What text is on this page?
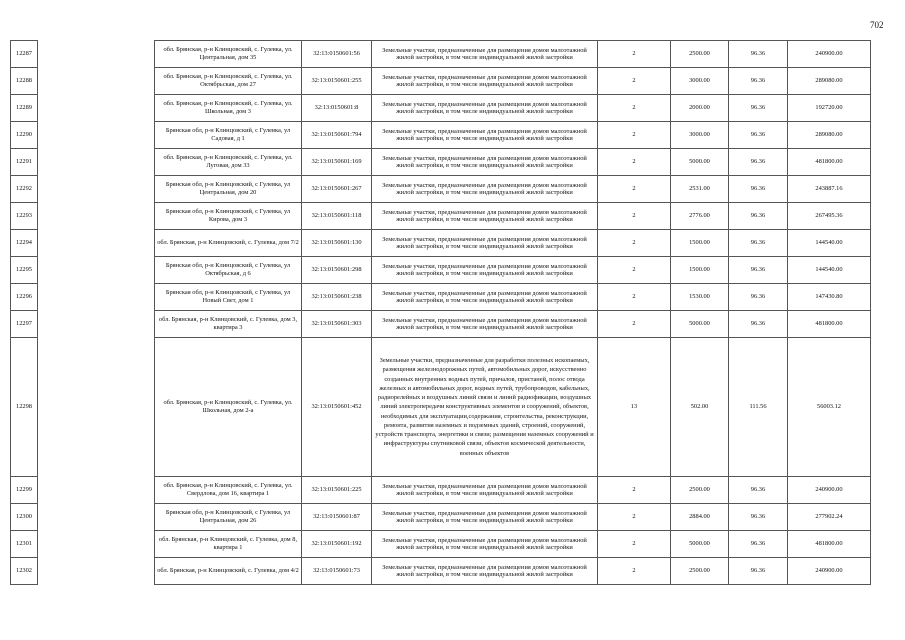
702
12287		обл. Брянская, р-н Клинцовский, с. Гулевка, ул. Центральная, дом 35	32:13:0150601:56	Земельные участки, предназначенные для размещения домов малоэтажной жилой застройки, в том числе индивидуальной жилой застройки	2	2500.00	96.36	240900.00
12288		обл. Брянская, р-н Клинцовский, с. Гулевка, ул. Октябрьская, дом 27	32:13:0150601:255	Земельные участки, предназначенные для размещения домов малоэтажной жилой застройки, в том числе индивидуальной жилой застройки	2	3000.00	96.36	289080.00
12289		обл. Брянская, р-н Клинцовский, с. Гулевка, ул. Школьная, дом 3	32:13:0150601:8	Земельные участки, предназначенные для размещения домов малоэтажной жилой застройки, в том числе индивидуальной жилой застройки	2	2000.00	96.36	192720.00
12290		Брянская обл, р-н Клинцовский, с Гулевка, ул Садовая, д 1	32:13:0150601:794	Земельные участки, предназначенные для размещения домов малоэтажной жилой застройки, в том числе индивидуальной жилой застройки	2	3000.00	96.36	289080.00
12291		обл. Брянская, р-н Клинцовский, с. Гулевка, ул. Луговая, дом 33	32:13:0150601:169	Земельные участки, предназначенные для размещения домов малоэтажной жилой застройки, в том числе индивидуальной жилой застройки	2	5000.00	96.36	481800.00
12292		Брянская обл, р-н Клинцовский, с Гулевка, ул Центральная, дом 20	32:13:0150601:267	Земельные участки, предназначенные для размещения домов малоэтажной жилой застройки, в том числе индивидуальной жилой застройки	2	2531.00	96.36	243887.16
12293		Брянская обл, р-н Клинцовский, с Гулевка, ул Кирова, дом 3	32:13:0150601:118	Земельные участки, предназначенные для размещения домов малоэтажной жилой застройки, в том числе индивидуальной жилой застройки	2	2776.00	96.36	267495.36
12294		обл. Брянская, р-н Клинцовский, с. Гулевка, дом 7/2	32:13:0150601:130	Земельные участки, предназначенные для размещения домов малоэтажной жилой застройки, в том числе индивидуальной жилой застройки	2	1500.00	96.36	144540.00
12295		Брянская обл, р-н Клинцовский, с Гулевка, ул Октябрьская, д 6	32:13:0150601:298	Земельные участки, предназначенные для размещения домов малоэтажной жилой застройки, в том числе индивидуальной жилой застройки	2	1500.00	96.36	144540.00
12296		Брянская обл, р-н Клинцовский, с Гулевка, ул Новый Свет, дом 1	32:13:0150601:238	Земельные участки, предназначенные для размещения домов малоэтажной жилой застройки, в том числе индивидуальной жилой застройки	2	1530.00	96.36	147430.80
12297		обл. Брянская, р-н Клинцовский, с. Гулевка, дом 3, квартира 3	32:13:0150601:303	Земельные участки, предназначенные для размещения домов малоэтажной жилой застройки, в том числе индивидуальной жилой застройки	2	5000.00	96.36	481800.00
12298		обл. Брянская, р-н Клинцовский, с. Гулевка, ул. Школьная, дом 2-а	32:13:0150601:452	Земельные участки, предназначенные для разработки полезных ископаемых, размещения железнодорожных путей, автомобильных дорог, искусственно созданных внутренних водных путей, причалов, пристаней, полос отвода железных и автомобильных дорог, водных путей, трубопроводов, кабельных, радиорелейных и воздушных линий связи и линий радиофикации, воздушных линий электропередачи конструктивных элементов и сооружений, объектов, необходимых для эксплуатации,содержания, строительства, реконструкции, ремонта, развития наземных и подземных зданий, строений, сооружений, устройств транспорта, энергетики и связи; размещения наземных сооружений и инфраструктуры спутниковой связи, объектов космической деятельности, военных объектов	13	502.00	111.56	56003.12
12299		обл. Брянская, р-н Клинцовский, с. Гулевка, ул. Свердлова, дом 16, квартира 1	32:13:0150601:225	Земельные участки, предназначенные для размещения домов малоэтажной жилой застройки, в том числе индивидуальной жилой застройки	2	2500.00	96.36	240900.00
12300		Брянская обл, р-н Клинцовский, с Гулевка, ул Центральная, дом 26	32:13:0150601:87	Земельные участки, предназначенные для размещения домов малоэтажной жилой застройки, в том числе индивидуальной жилой застройки	2	2884.00	96.36	277902.24
12301		обл. Брянская, р-н Клинцовский, с. Гулевка, дом 8, квартира 1	32:13:0150601:192	Земельные участки, предназначенные для размещения домов малоэтажной жилой застройки, в том числе индивидуальной жилой застройки	2	5000.00	96.36	481800.00
12302		обл. Брянская, р-н Клинцовский, с. Гулевка, дом 4/2	32:13:0150601:73	Земельные участки, предназначенные для размещения домов малоэтажной жилой застройки, в том числе индивидуальной жилой застройки	2	2500.00	96.36	240900.00
